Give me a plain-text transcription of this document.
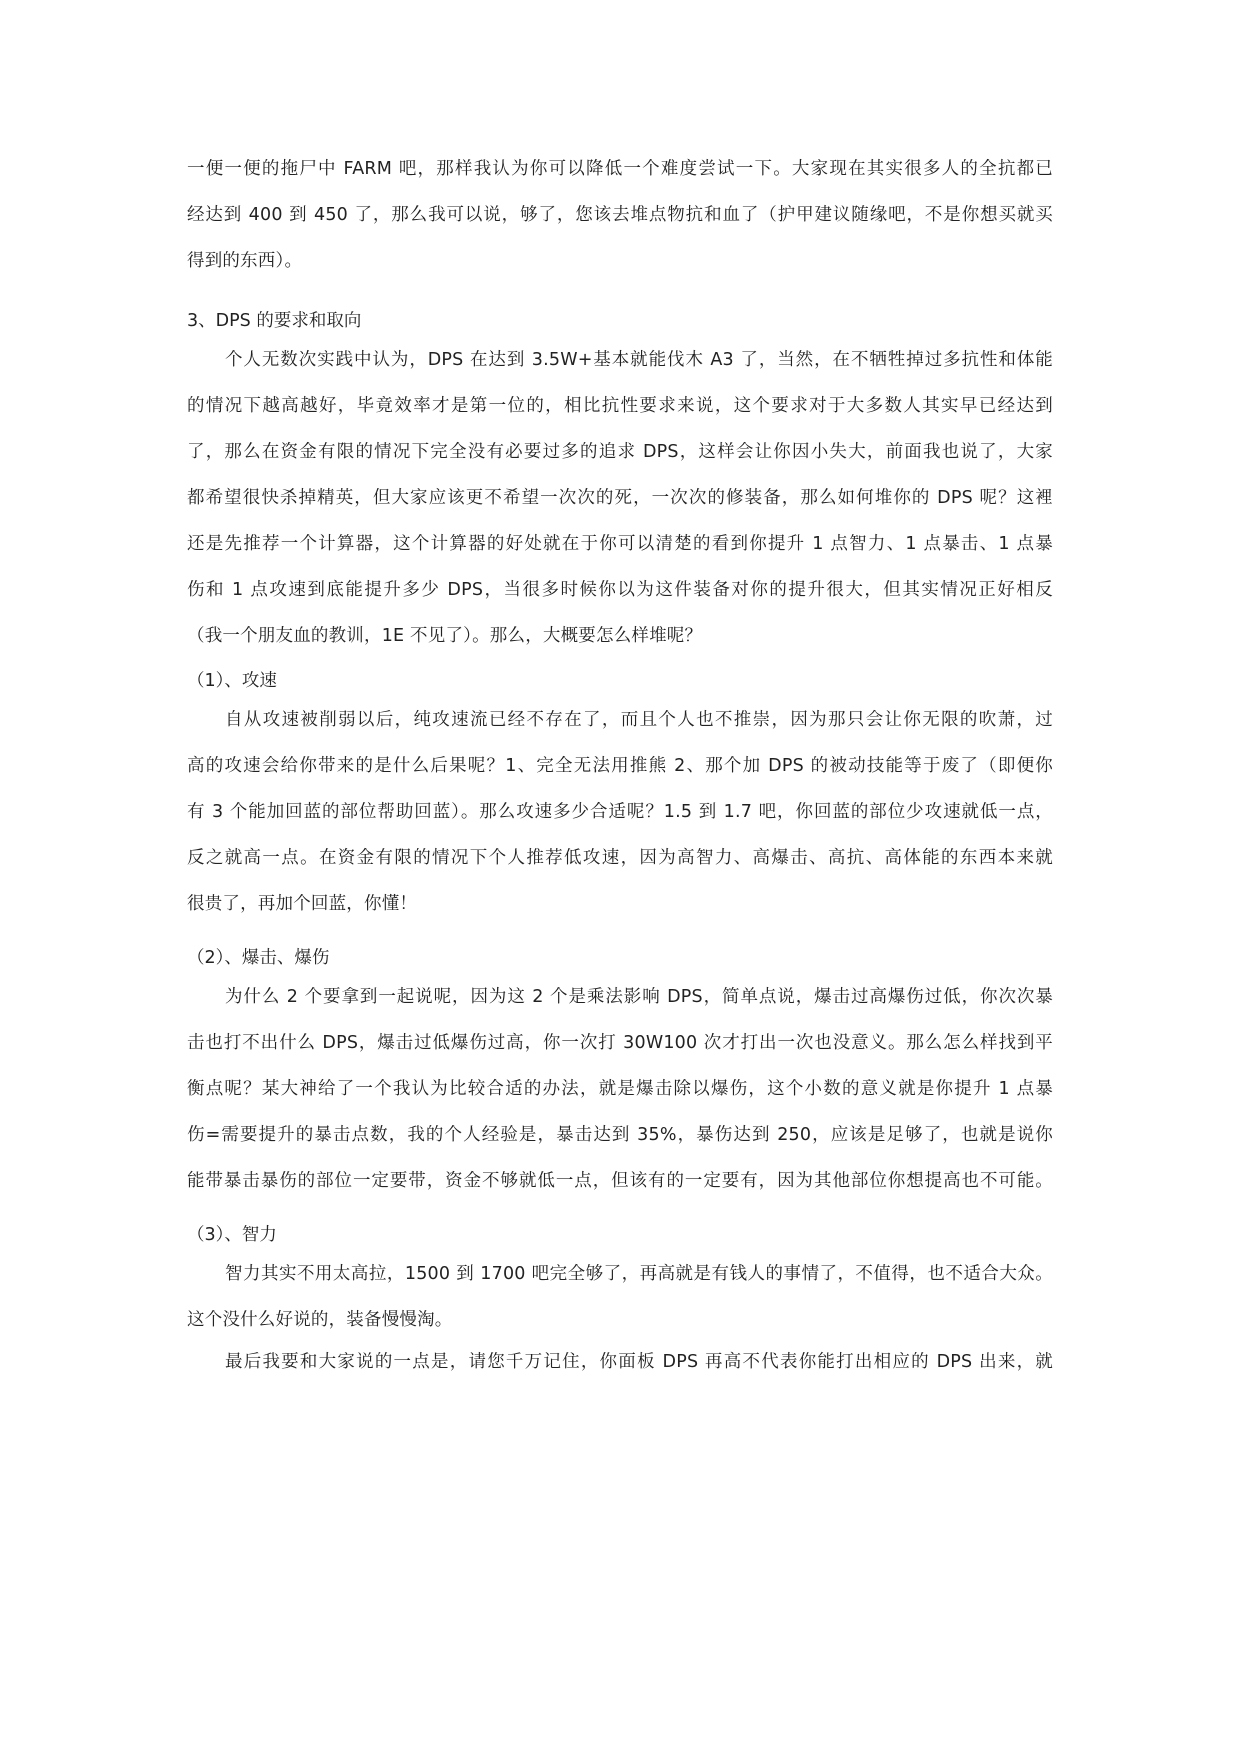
一便一便的拖尸中 FARM 吧，那样我认为你可以降低一个难度尝试一下。大家现在其实很多人的全抗都已
经达到 400 到 450 了，那么我可以说，够了，您该去堆点物抗和血了（护甲建议随缘吧，不是你想买就买
得到的东西）。
3、DPS 的要求和取向
个人无数次实践中认为，DPS 在达到 3.5W+基本就能伐木 A3 了，当然，在不牺牲掉过多抗性和体能
的情况下越高越好，毕竟效率才是第一位的，相比抗性要求来说，这个要求对于大多数人其实早已经达到
了，那么在资金有限的情况下完全没有必要过多的追求 DPS，这样会让你因小失大，前面我也说了，大家
都希望很快杀掉精英，但大家应该更不希望一次次的死，一次次的修装备，那么如何堆你的 DPS 呢？这裡
还是先推荐一个计算器，这个计算器的好处就在于你可以清楚的看到你提升 1 点智力、1 点暴击、1 点暴
伤和 1 点攻速到底能提升多少 DPS，当很多时候你以为这件装备对你的提升很大，但其实情况正好相反
（我一个朋友血的教训，1E 不见了）。那么，大概要怎么样堆呢？
（1）、攻速
自从攻速被削弱以后，纯攻速流已经不存在了，而且个人也不推崇，因为那只会让你无限的吹萧，过
高的攻速会给你带来的是什么后果呢？1、完全无法用推熊 2、那个加 DPS 的被动技能等于废了（即便你
有 3 个能加回蓝的部位帮助回蓝）。那么攻速多少合适呢？1.5 到 1.7 吧，你回蓝的部位少攻速就低一点，
反之就高一点。在资金有限的情况下个人推荐低攻速，因为高智力、高爆击、高抗、高体能的东西本来就
很贵了，再加个回蓝，你懂！
（2）、爆击、爆伤
为什么 2 个要拿到一起说呢，因为这 2 个是乘法影响 DPS，简单点说，爆击过高爆伤过低，你次次暴
击也打不出什么 DPS，爆击过低爆伤过高，你一次打 30W100 次才打出一次也没意义。那么怎么样找到平
衡点呢？某大神给了一个我认为比较合适的办法，就是爆击除以爆伤，这个小数的意义就是你提升 1 点暴
伤=需要提升的暴击点数，我的个人经验是，暴击达到 35%，暴伤达到 250，应该是足够了，也就是说你
能带暴击暴伤的部位一定要带，资金不够就低一点，但该有的一定要有，因为其他部位你想提高也不可能。
（3）、智力
智力其实不用太高拉，1500 到 1700 吧完全够了，再高就是有钱人的事情了，不值得，也不适合大众。
这个没什么好说的，装备慢慢淘。
最后我要和大家说的一点是，请您千万记住，你面板 DPS 再高不代表你能打出相应的 DPS 出来，就
